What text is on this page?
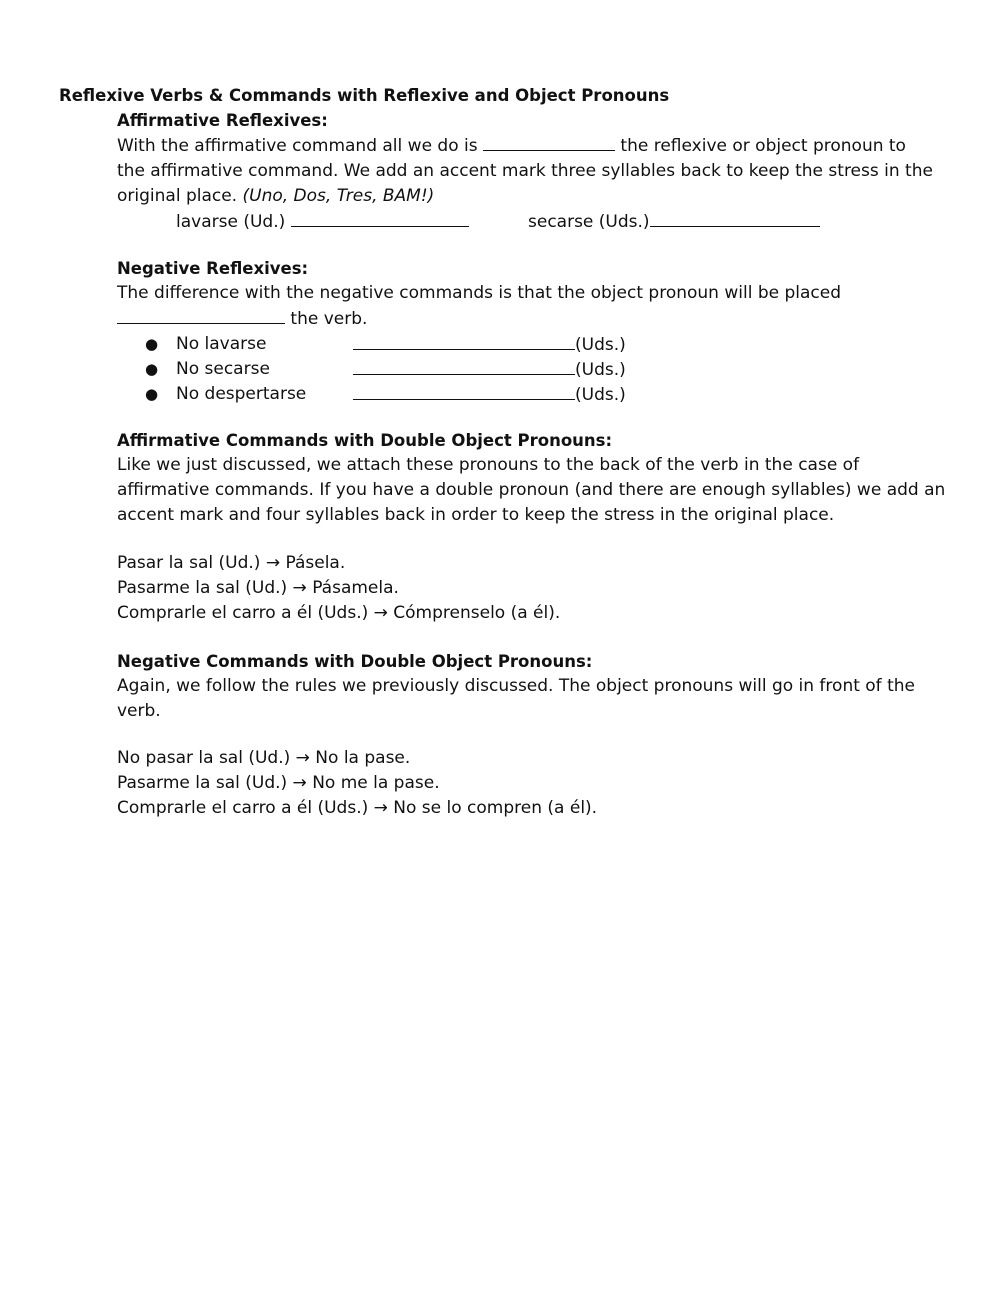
Reflexive Verbs & Commands with Reflexive and Object Pronouns
Affirmative Reflexives:
With the affirmative command all we do is	the reflexive or object pronoun to
the affirmative command. We add an accent mark three syllables back to keep the stress in the
original place. (Uno, Dos, Tres, BAM!)
lavarse (Ud.)	secarse (Uds.)
Negative Reflexives:
The difference with the negative commands is that the object pronoun will be placed
the verb.
● No lavarse	(Uds.)
● No secarse	(Uds.)
● No despertarse	(Uds.)
Affirmative Commands with Double Object Pronouns:
Like we just discussed, we attach these pronouns to the back of the verb in the case of
affirmative commands. If you have a double pronoun (and there are enough syllables) we add an
accent mark and four syllables back in order to keep the stress in the original place.
Pasar la sal (Ud.) → Pásela.
Pasarme la sal (Ud.) → Pásamela.
Comprarle el carro a él (Uds.) → Cómprenselo (a él).
Negative Commands with Double Object Pronouns:
Again, we follow the rules we previously discussed. The object pronouns will go in front of the
verb.
No pasar la sal (Ud.) → No la pase.
Pasarme la sal (Ud.) → No me la pase.
Comprarle el carro a él (Uds.) → No se lo compren (a él).
